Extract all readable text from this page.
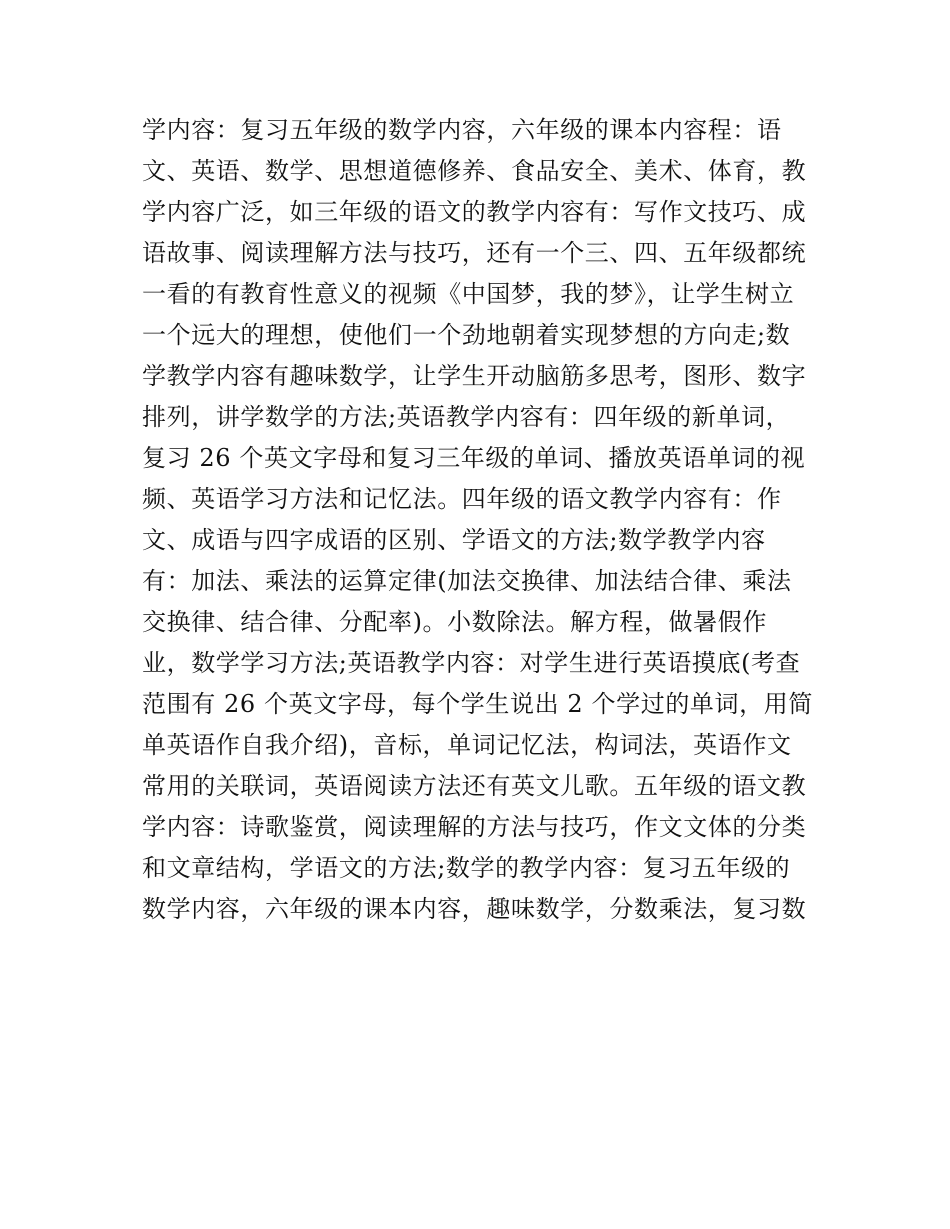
学内容：复习五年级的数学内容，六年级的课本内容程：语
文、英语、数学、思想道德修养、食品安全、美术、体育，教
学内容广泛，如三年级的语文的教学内容有：写作文技巧、成
语故事、阅读理解方法与技巧，还有一个三、四、五年级都统
一看的有教育性意义的视频《中国梦，我的梦》，让学生树立
一个远大的理想，使他们一个劲地朝着实现梦想的方向走;数
学教学内容有趣味数学，让学生开动脑筋多思考，图形、数字
排列，讲学数学的方法;英语教学内容有：四年级的新单词，
复习 26 个英文字母和复习三年级的单词、播放英语单词的视
频、英语学习方法和记忆法。四年级的语文教学内容有：作
文、成语与四字成语的区别、学语文的方法;数学教学内容
有：加法、乘法的运算定律(加法交换律、加法结合律、乘法
交换律、结合律、分配率)。小数除法。解方程，做暑假作
业，数学学习方法;英语教学内容：对学生进行英语摸底(考查
范围有 26 个英文字母，每个学生说出 2 个学过的单词，用简
单英语作自我介绍)，音标，单词记忆法，构词法，英语作文
常用的关联词，英语阅读方法还有英文儿歌。五年级的语文教
学内容：诗歌鉴赏，阅读理解的方法与技巧，作文文体的分类
和文章结构，学语文的方法;数学的教学内容：复习五年级的
数学内容，六年级的课本内容，趣味数学，分数乘法，复习数
